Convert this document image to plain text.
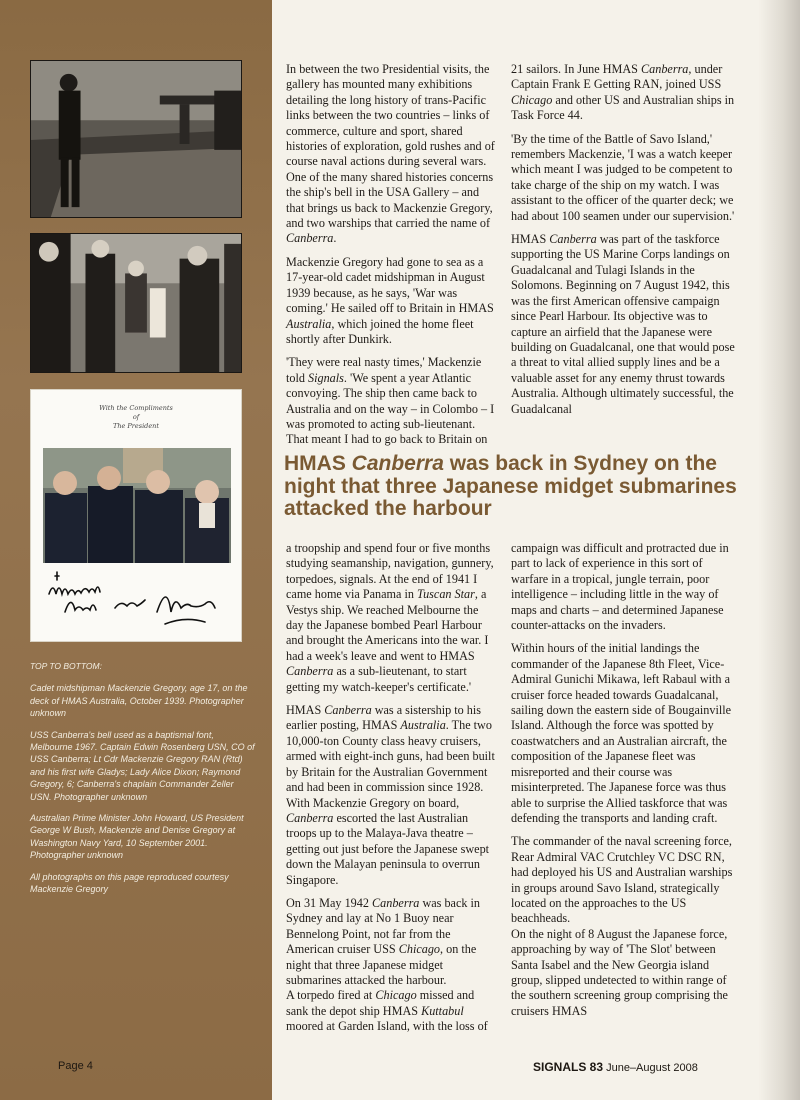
With the Compliments
of
The President

TOP TO BOTTOM:

Cadet midshipman Mackenzie Gregory, age 17, on the deck of HMAS Australia, October 1939. Photographer unknown

USS Canberra's bell used as a baptismal font, Melbourne 1967. Captain Edwin Rosenberg USN, CO of USS Canberra; Lt Cdr Mackenzie Gregory RAN (Rtd) and his first wife Gladys; Lady Alice Dixon; Raymond Gregory, 6; Canberra's chaplain Commander Zeller USN. Photographer unknown

Australian Prime Minister John Howard, US President George W Bush, Mackenzie and Denise Gregory at Washington Navy Yard, 10 September 2001. Photographer unknown

All photographs on this page reproduced courtesy Mackenzie Gregory

Page 4

In between the two Presidential visits, the gallery has mounted many exhibitions detailing the long history of trans-Pacific links between the two countries – links of commerce, culture and sport, shared histories of exploration, gold rushes and of course naval actions during several wars. One of the many shared histories concerns the ship's bell in the USA Gallery – and that brings us back to Mackenzie Gregory, and two warships that carried the name of Canberra.

Mackenzie Gregory had gone to sea as a 17-year-old cadet midshipman in August 1939 because, as he says, 'War was coming.' He sailed off to Britain in HMAS Australia, which joined the home fleet shortly after Dunkirk.

'They were real nasty times,' Mackenzie told Signals. 'We spent a year Atlantic convoying. The ship then came back to Australia and on the way – in Colombo – I was promoted to acting sub-lieutenant. That meant I had to go back to Britain on

21 sailors. In June HMAS Canberra, under Captain Frank E Getting RAN, joined USS Chicago and other US and Australian ships in Task Force 44.

'By the time of the Battle of Savo Island,' remembers Mackenzie, 'I was a watch keeper which meant I was judged to be competent to take charge of the ship on my watch. I was assistant to the officer of the quarter deck; we had about 100 seamen under our supervision.'

HMAS Canberra was part of the taskforce supporting the US Marine Corps landings on Guadalcanal and Tulagi Islands in the Solomons. Beginning on 7 August 1942, this was the first American offensive campaign since Pearl Harbour. Its objective was to capture an airfield that the Japanese were building on Guadalcanal, one that would pose a threat to vital allied supply lines and be a valuable asset for any enemy thrust towards Australia. Although ultimately successful, the Guadalcanal

HMAS Canberra was back in Sydney on the night that three Japanese midget submarines attacked the harbour

a troopship and spend four or five months studying seamanship, navigation, gunnery, torpedoes, signals. At the end of 1941 I came home via Panama in Tuscan Star, a Vestys ship. We reached Melbourne the day the Japanese bombed Pearl Harbour and brought the Americans into the war. I had a week's leave and went to HMAS Canberra as a sub-lieutenant, to start getting my watch-keeper's certificate.'

HMAS Canberra was a sistership to his earlier posting, HMAS Australia. The two 10,000-ton County class heavy cruisers, armed with eight-inch guns, had been built by Britain for the Australian Government and had been in commission since 1928. With Mackenzie Gregory on board, Canberra escorted the last Australian troops up to the Malaya-Java theatre – getting out just before the Japanese swept down the Malayan peninsula to overrun Singapore.

On 31 May 1942 Canberra was back in Sydney and lay at No 1 Buoy near Bennelong Point, not far from the American cruiser USS Chicago, on the night that three Japanese midget submarines attacked the harbour.

A torpedo fired at Chicago missed and sank the depot ship HMAS Kuttabul moored at Garden Island, with the loss of

campaign was difficult and protracted due in part to lack of experience in this sort of warfare in a tropical, jungle terrain, poor intelligence – including little in the way of maps and charts – and determined Japanese counter-attacks on the invaders.

Within hours of the initial landings the commander of the Japanese 8th Fleet, Vice-Admiral Gunichi Mikawa, left Rabaul with a cruiser force headed towards Guadalcanal, sailing down the eastern side of Bougainville Island. Although the force was spotted by coastwatchers and an Australian aircraft, the composition of the Japanese fleet was misreported and their course was misinterpreted. The Japanese force was thus able to surprise the Allied taskforce that was defending the transports and landing craft.

The commander of the naval screening force, Rear Admiral VAC Crutchley VC DSC RN, had deployed his US and Australian warships in groups around Savo Island, strategically located on the approaches to the US beachheads.

On the night of 8 August the Japanese force, approaching by way of 'The Slot' between Santa Isabel and the New Georgia island group, slipped undetected to within range of the southern screening group comprising the cruisers HMAS

SIGNALS 83 June–August 2008
